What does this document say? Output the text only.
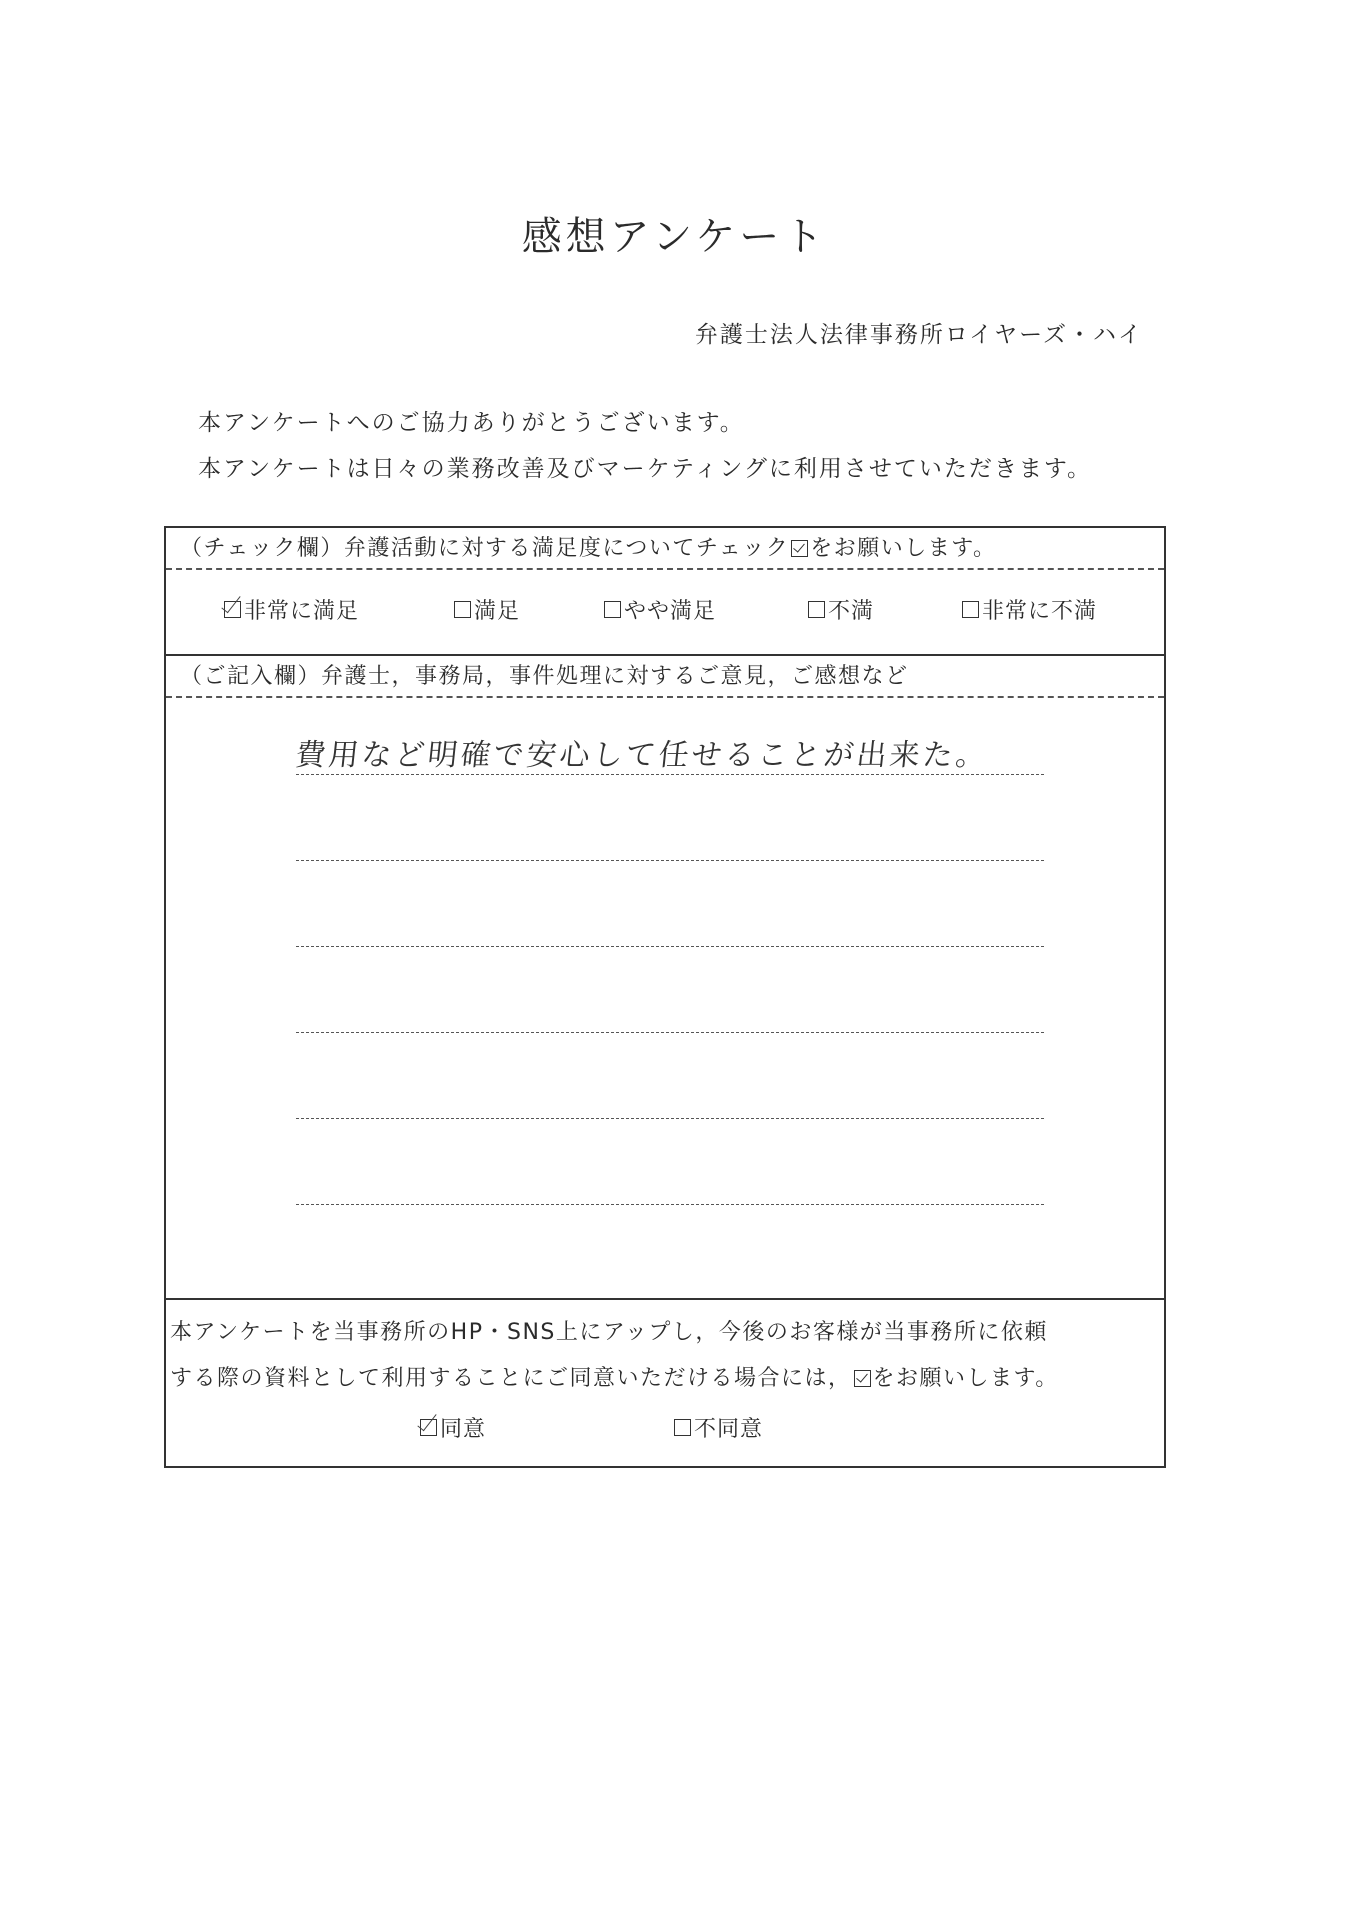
感想アンケート
弁護士法人法律事務所ロイヤーズ・ハイ
本アンケートへのご協力ありがとうございます。
本アンケートは日々の業務改善及びマーケティングに利用させていただきます。
（チェック欄）弁護活動に対する満足度についてチェック をお願いします。
非常に満足	満足	やや満足	不満	非常に不満
（ご記入欄）弁護士，事務局，事件処理に対するご意見，ご感想など
費用など明確で安心して任せることが出来た。
本アンケートを当事務所のHP・SNS上にアップし，今後のお客様が当事務所に依頼
する際の資料として利用することにご同意いただける場合には， をお願いします。
同意	不同意
